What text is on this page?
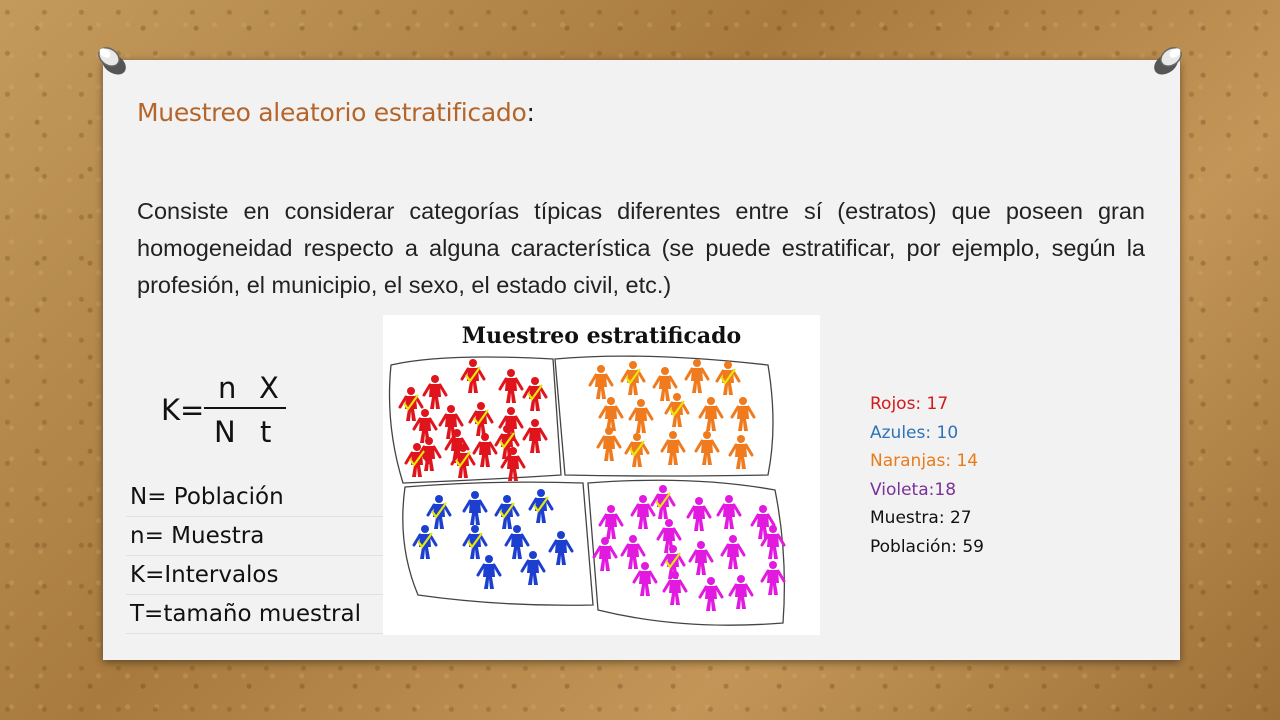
Muestreo aleatorio estratificado:
Consiste en considerar categorías típicas diferentes entre sí (estratos) que poseen gran homogeneidad respecto a alguna característica (se puede estratificar, por ejemplo, según la profesión, el municipio, el sexo, el estado civil, etc.)
K=
n X
N t
N= Población
n= Muestra
K=Intervalos
T=tamaño muestral
Muestreo estratificado
Rojos: 17
Azules: 10
Naranjas: 14
Violeta:18
Muestra: 27
Población: 59
